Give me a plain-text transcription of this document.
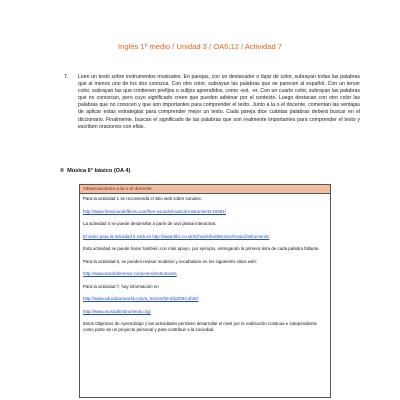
Inglés 1º medio / Unidad 3 / OA6;12 / Actividad 7
7. Leen un texto sobre instrumentos musicales. En parejas, con un destacador o lápiz de color, subrayan todas las palabras que al menos uno de los dos conozca. Con otro color, subrayan las palabras que se parecen al español. Con un tercer color, subrayan las que contienen prefijos o sufijos aprendidos, como -est, -er. Con un cuarto color, subrayan las palabras que no conozcan, pero cuyo significado creen que pueden adivinar por el contexto. Luego destacan con otro color las palabras que no conocen y que son importantes para comprender el texto. Junto a la o el docente, comentan las ventajas de aplicar estas estrategias para comprender mejor un texto. Cada pareja dice cuántas palabras deberá buscar en el diccionario. Finalmente, buscan el significado de las palabras que son realmente importantes para comprender el texto y escriben oraciones con ellas.
® Música 6° básico (OA 4)
Observaciones a la o el docente

Para la actividad 1 se recomienda el sitio web sobre sonidos:

http://www.freesoundeffects.com/free-sounds/musical-instruments-10061/

La actividad 4 se puede desarrollar a partir de una planta interactiva.

El video para la actividad 5 está en http://www.bbc.co.uk/schools/ks2bitesize/music/instruments/

Esta actividad se puede hacer también con más apoyo, por ejemplo, entregando la primera letra de cada palabra faltante.

Para la actividad 6, se pueden revisar modelos y vocabulario en los siguientes sitios web:

http://www.wordreference.com/enes/instruments

Para la actividad 7, hay información en

http://www.educationworld.com/a_lesson/00-2/lp2063.shtml
http://www.musicalinstruments.org/

Estos Objetivos de Aprendizaje y las actividades permiten desarrollar el nivel por la realización continua e independiente como parte de un proyecto personal y para contribuir a la sociedad.
